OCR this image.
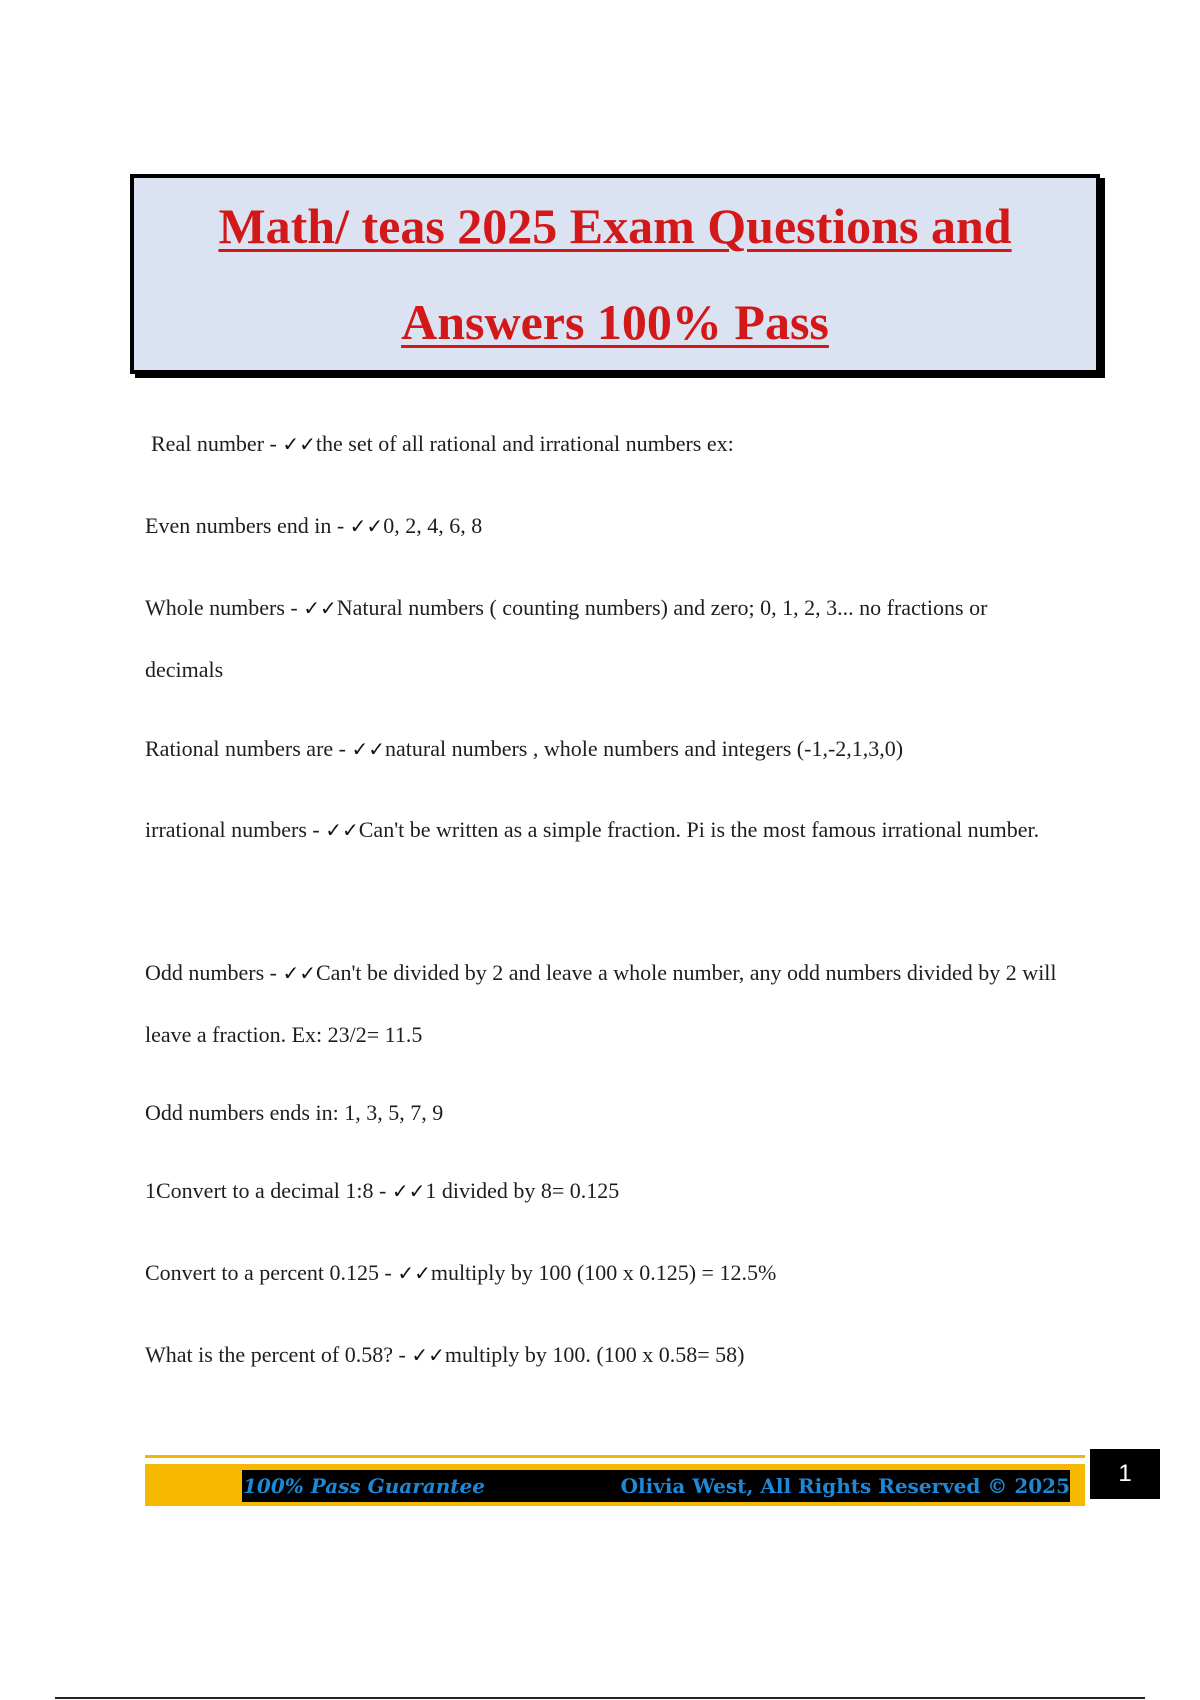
Math/ teas 2025 Exam Questions and
Answers 100% Pass
Real number - ✓✓the set of all rational and irrational numbers ex:
Even numbers end in - ✓✓0, 2, 4, 6, 8
Whole numbers - ✓✓Natural numbers ( counting numbers) and zero; 0, 1, 2, 3... no fractions or decimals
Rational numbers are - ✓✓natural numbers , whole numbers and integers (-1,-2,1,3,0)
irrational numbers - ✓✓Can't be written as a simple fraction. Pi is the most famous irrational number.
Odd numbers - ✓✓Can't be divided by 2 and leave a whole number, any odd numbers divided by 2 will leave a fraction. Ex: 23/2= 11.5
Odd numbers ends in: 1, 3, 5, 7, 9
1Convert to a decimal 1:8 - ✓✓1 divided by 8= 0.125
Convert to a percent 0.125 - ✓✓multiply by 100 (100 x 0.125) = 12.5%
What is the percent of 0.58? - ✓✓multiply by 100. (100 x 0.58= 58)
100% Pass Guarantee	Olivia West, All Rights Reserved © 2025	1
